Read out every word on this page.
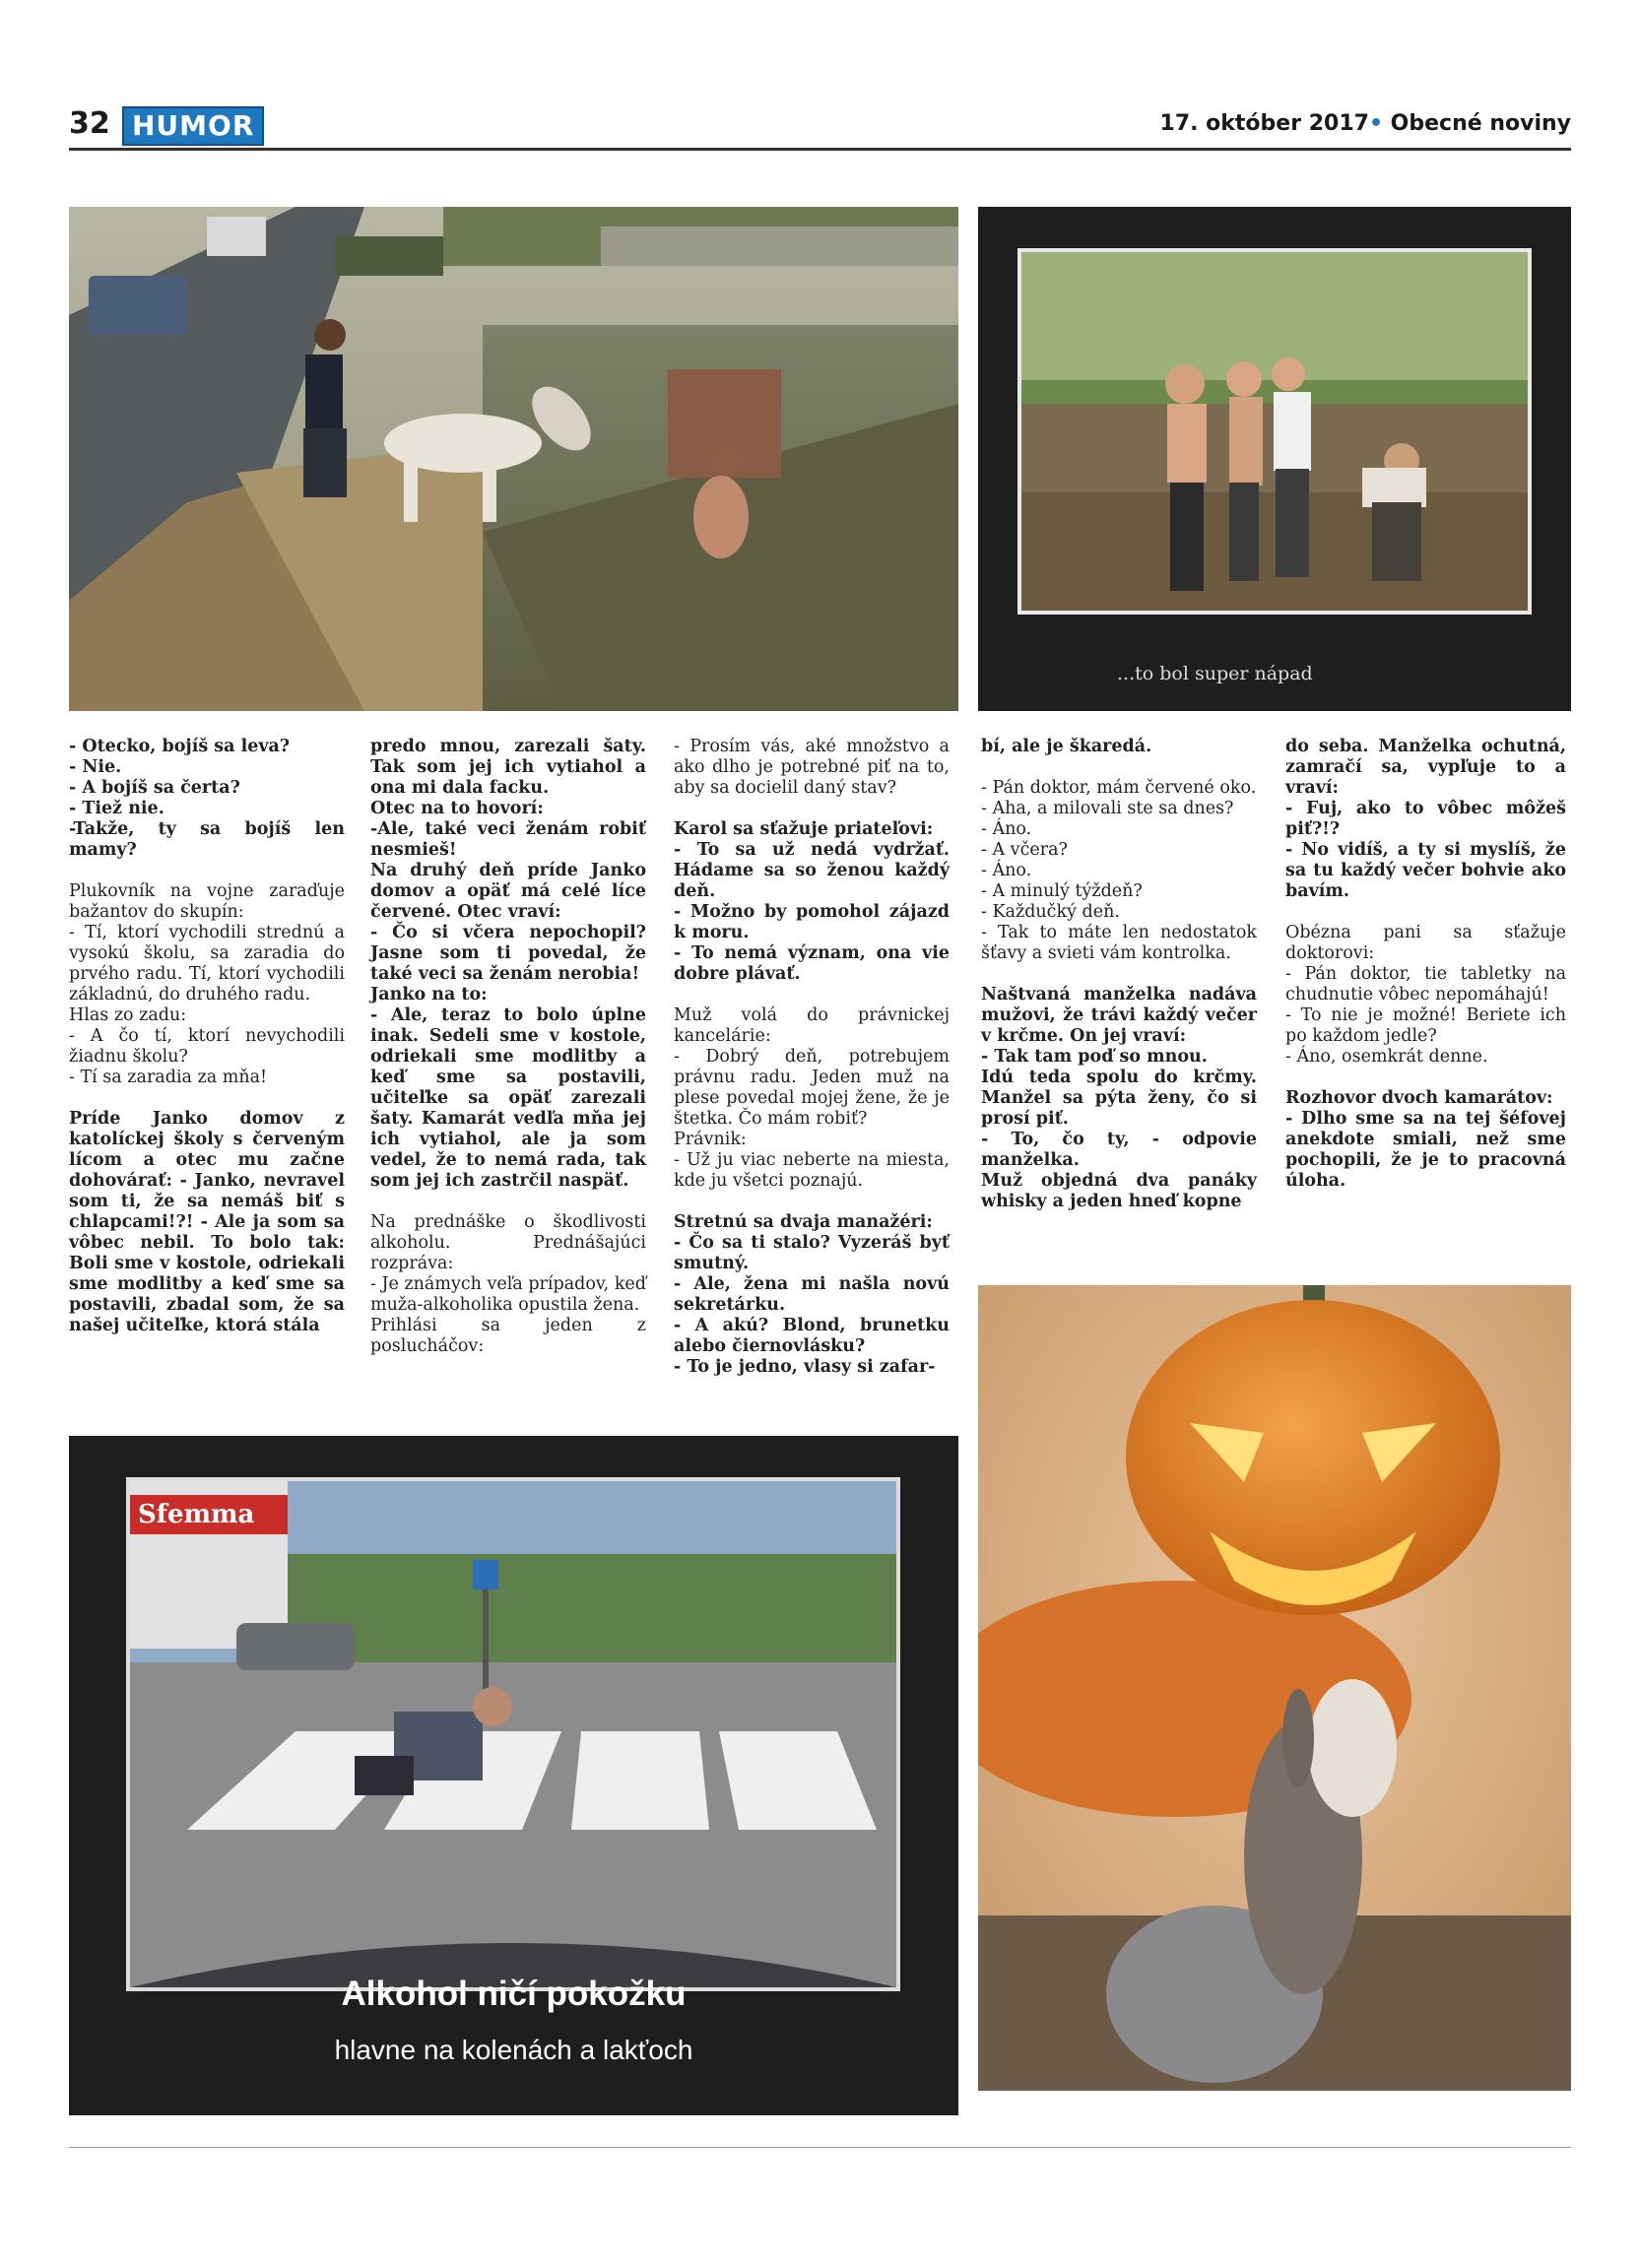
32 HUMOR	17. október 2017• Obecné noviny
...to bol super nápad

- Otecko, bojíš sa leva?

- Nie.

- A bojíš sa čerta?

- Tiež nie.

-Takže, ty sa bojíš len mamy?

Plukovník na vojne zaraďuje bažantov do skupín:

- Tí, ktorí vychodili strednú a vysokú školu, sa zaradia do prvého radu. Tí, ktorí vychodili základnú, do druhého radu.

Hlas zo zadu:

- A čo tí, ktorí nevychodili žiadnu školu?

- Tí sa zaradia za mňa!

Príde Janko domov z katolíckej školy s červeným lícom a otec mu začne dohovárať: - Janko, nevravel som ti, že sa nemáš biť s chlapcami!?! - Ale ja som sa vôbec nebil. To bolo tak: Boli sme v kostole, odriekali sme modlitby a keď sme sa postavili, zbadal som, že sa našej učiteľke, ktorá stála

predo mnou, zarezali šaty. Tak som jej ich vytiahol a ona mi dala facku.

Otec na to hovorí:

-Ale, také veci ženám robiť nesmieš!

Na druhý deň príde Janko domov a opäť má celé líce červené. Otec vraví:

- Čo si včera nepochopil? Jasne som ti povedal, že také veci sa ženám nerobia!

Janko na to:

- Ale, teraz to bolo úplne inak. Sedeli sme v kostole, odriekali sme modlitby a keď sme sa postavili, učiteľke sa opäť zarezali šaty. Kamarát vedľa mňa jej ich vytiahol, ale ja som vedel, že to nemá rada, tak som jej ich zastrčil naspäť.

Na prednáške o škodlivosti alkoholu. Prednášajúci rozpráva:

- Je známych veľa prípadov, keď muža-alkoholika opustila žena.

Prihlási sa jeden z poslucháčov:

- Prosím vás, aké množstvo a ako dlho je potrebné piť na to, aby sa docielil daný stav?

Karol sa sťažuje priateľovi:

- To sa už nedá vydržať. Hádame sa so ženou každý deň.

- Možno by pomohol zájazd k moru.

- To nemá význam, ona vie dobre plávať.

Muž volá do právnickej kancelárie:

- Dobrý deň, potrebujem právnu radu. Jeden muž na plese povedal mojej žene, že je štetka. Čo mám robiť?

Právnik:

- Už ju viac neberte na miesta, kde ju všetci poznajú.

Stretnú sa dvaja manažéri:

- Čo sa ti stalo? Vyzeráš byť smutný.

- Ale, žena mi našla novú sekretárku.

- A akú? Blond, brunetku alebo čiernovlásku?

- To je jedno, vlasy si zafar-

bí, ale je škaredá.

- Pán doktor, mám červené oko.

- Aha, a milovali ste sa dnes?

- Áno.

- A včera?

- Áno.

- A minulý týždeň?

- Každučký deň.

- Tak to máte len nedostatok šťavy a svieti vám kontrolka.

Naštvaná manželka nadáva mužovi, že trávi každý večer v krčme. On jej vraví:

- Tak tam poď so mnou.

Idú teda spolu do krčmy. Manžel sa pýta ženy, čo si prosí piť.

- To, čo ty, - odpovie manželka.

Muž objedná dva panáky whisky a jeden hneď kopne

do seba. Manželka ochutná, zamračí sa, vypľuje to a vraví:

- Fuj, ako to vôbec môžeš piť?!?

- No vidíš, a ty si myslíš, že sa tu každý večer bohvie ako bavím.

Obézna pani sa sťažuje doktorovi:

- Pán doktor, tie tabletky na chudnutie vôbec nepomáhajú!

- To nie je možné! Beriete ich po každom jedle?

- Áno, osemkrát denne.

Rozhovor dvoch kamarátov:

- Dlho sme sa na tej šéfovej anekdote smiali, než sme pochopili, že je to pracovná úloha.

Sfemma
Alkohol ničí pokožku
hlavne na kolenách a lakťoch
